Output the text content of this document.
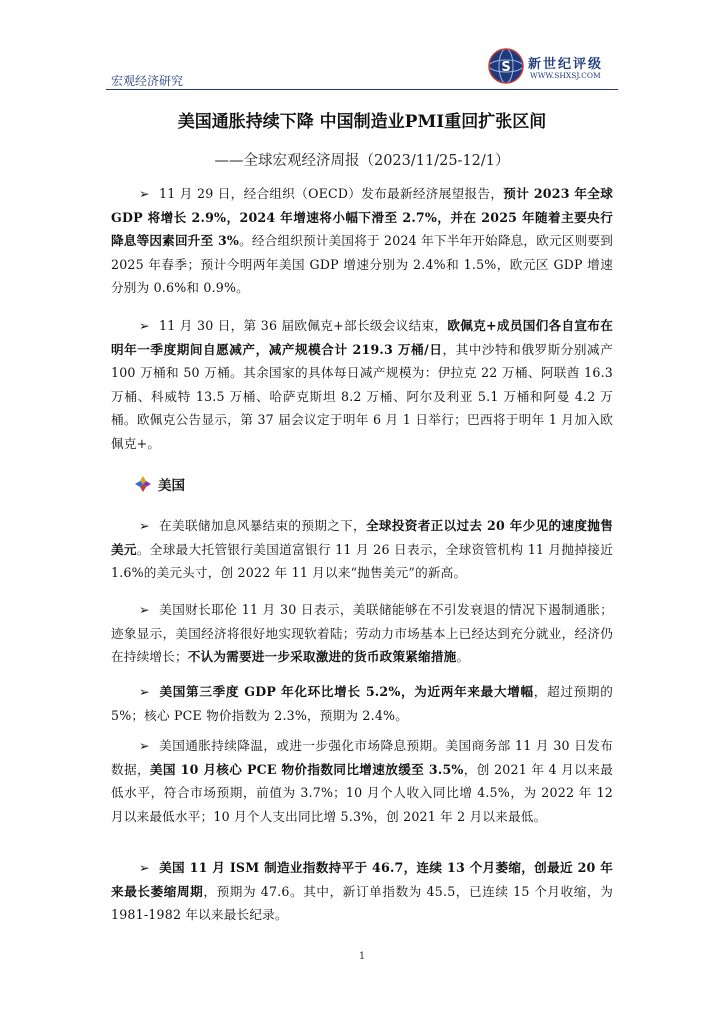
宏观经济研究
S 新世纪评级
WWW.SHXSJ.COM
美国通胀持续下降 中国制造业PMI重回扩张区间
——全球宏观经济周报（2023/11/25-12/1）
➢ 11 月 29 日，经合组织（OECD）发布最新经济展望报告，预计 2023 年全球 GDP 将增长 2.9%，2024 年增速将小幅下滑至 2.7%，并在 2025 年随着主要央行降息等因素回升至 3%。经合组织预计美国将于 2024 年下半年开始降息，欧元区则要到 2025 年春季；预计今明两年美国 GDP 增速分别为 2.4%和 1.5%，欧元区 GDP 增速分别为 0.6%和 0.9%。
➢ 11 月 30 日，第 36 届欧佩克+部长级会议结束，欧佩克+成员国们各自宣布在明年一季度期间自愿减产，减产规模合计 219.3 万桶/日，其中沙特和俄罗斯分别减产 100 万桶和 50 万桶。其余国家的具体每日减产规模为：伊拉克 22 万桶、阿联酋 16.3 万桶、科威特 13.5 万桶、哈萨克斯坦 8.2 万桶、阿尔及利亚 5.1 万桶和阿曼 4.2 万桶。欧佩克公告显示，第 37 届会议定于明年 6 月 1 日举行；巴西将于明年 1 月加入欧佩克+。
美国
➢ 在美联储加息风暴结束的预期之下，全球投资者正以过去 20 年少见的速度抛售美元。全球最大托管银行美国道富银行 11 月 26 日表示，全球资管机构 11 月抛掉接近 1.6%的美元头寸，创 2022 年 11 月以来“抛售美元”的新高。
➢ 美国财长耶伦 11 月 30 日表示，美联储能够在不引发衰退的情况下遏制通胀；迹象显示，美国经济将很好地实现软着陆；劳动力市场基本上已经达到充分就业，经济仍在持续增长；不认为需要进一步采取激进的货币政策紧缩措施。
➢ 美国第三季度 GDP 年化环比增长 5.2%，为近两年来最大增幅，超过预期的 5%；核心 PCE 物价指数为 2.3%，预期为 2.4%。
➢ 美国通胀持续降温，或进一步强化市场降息预期。美国商务部 11 月 30 日发布数据，美国 10 月核心 PCE 物价指数同比增速放缓至 3.5%，创 2021 年 4 月以来最低水平，符合市场预期，前值为 3.7%；10 月个人收入同比增 4.5%，为 2022 年 12 月以来最低水平；10 月个人支出同比增 5.3%，创 2021 年 2 月以来最低。
➢ 美国 11 月 ISM 制造业指数持平于 46.7，连续 13 个月萎缩，创最近 20 年来最长萎缩周期，预期为 47.6。其中，新订单指数为 45.5，已连续 15 个月收缩，为 1981-1982 年以来最长纪录。
1
